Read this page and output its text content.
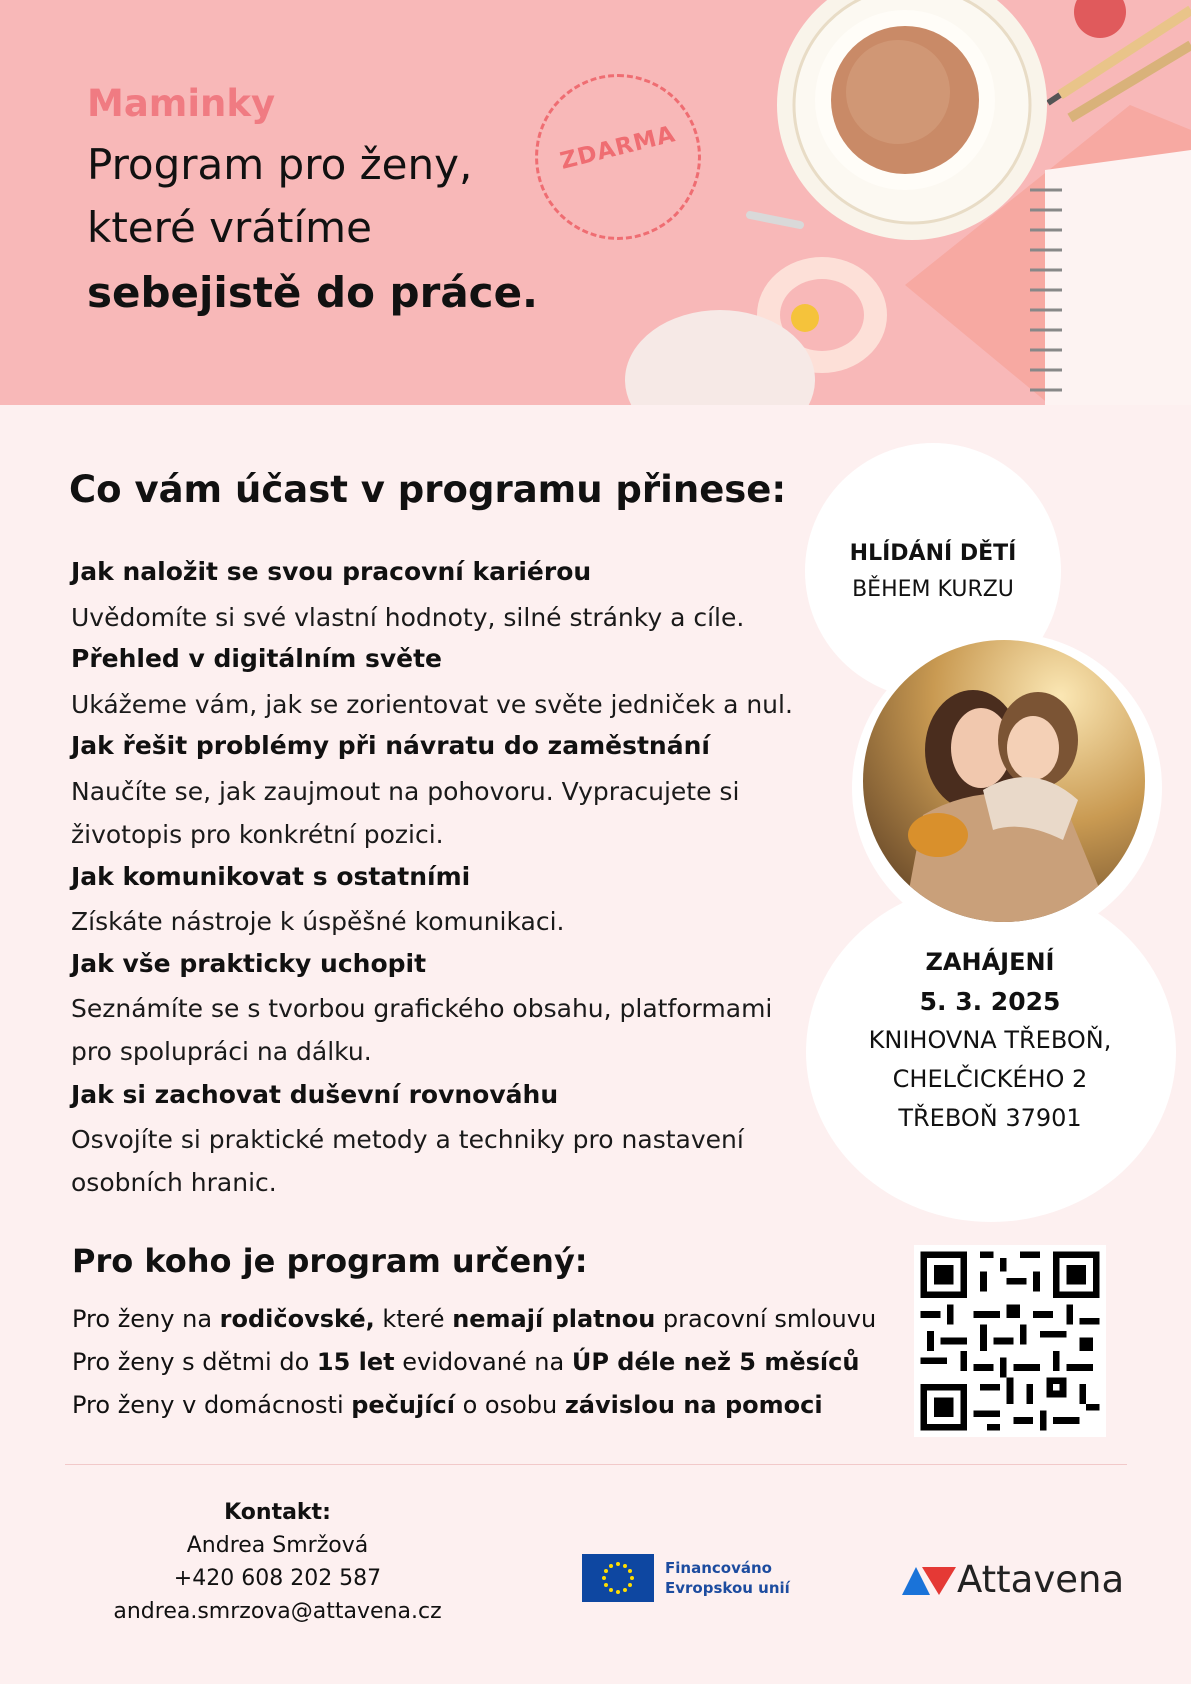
Maminky
Program pro ženy,
které vrátíme
sebejistě do práce.
ZDARMA
HLÍDÁNÍ DĚTÍ
BĚHEM KURZU
ZAHÁJENÍ
5. 3. 2025
KNIHOVNA TŘEBOŇ,
CHELČICKÉHO 2
TŘEBOŇ 37901
Co vám účast v programu přinese:
Jak naložit se svou pracovní kariérou
Uvědomíte si své vlastní hodnoty, silné stránky a cíle.
Přehled v digitálním světe
Ukážeme vám, jak se zorientovat ve světe jedniček a nul.
Jak řešit problémy při návratu do zaměstnání
Naučíte se, jak zaujmout na pohovoru. Vypracujete si
životopis pro konkrétní pozici.
Jak komunikovat s ostatními
Získáte nástroje k úspěšné komunikaci.
Jak vše prakticky uchopit
Seznámíte se s tvorbou grafického obsahu, platformami
pro spolupráci na dálku.
Jak si zachovat duševní rovnováhu
Osvojíte si praktické metody a techniky pro nastavení
osobních hranic.
Pro koho je program určený:
Pro ženy na rodičovské, které nemají platnou pracovní smlouvu
Pro ženy s dětmi do 15 let evidované na ÚP déle než 5 měsíců
Pro ženy v domácnosti pečující o osobu závislou na pomoci
Kontakt:
Andrea Smržová
+420 608 202 587
andrea.smrzova@attavena.cz
Financováno
Evropskou unií	Attavena
